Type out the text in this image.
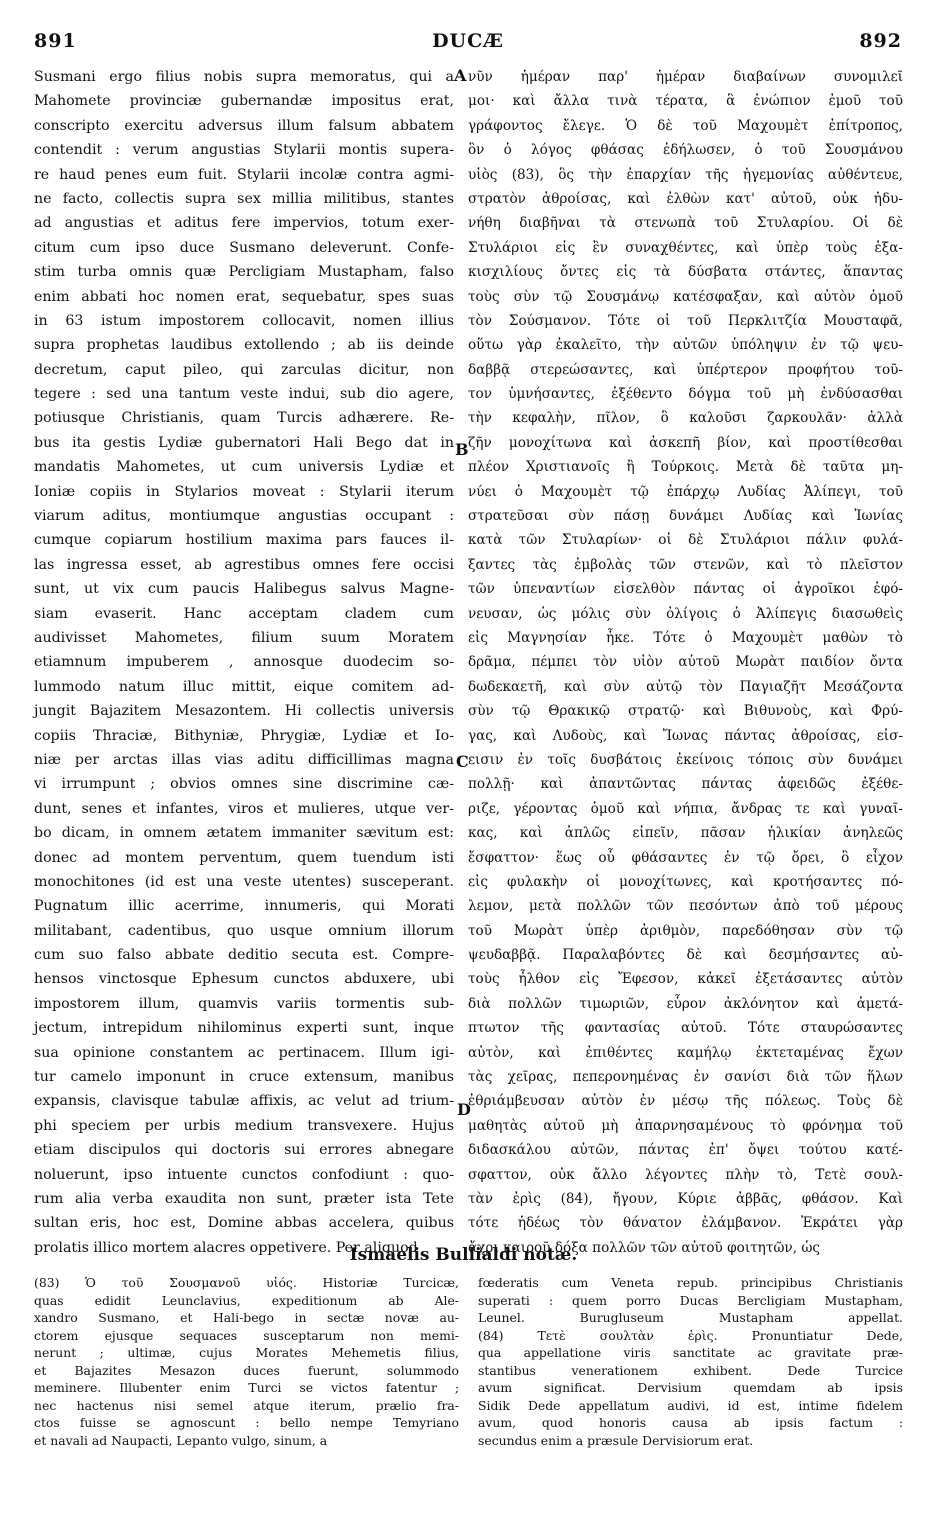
891	DUCÆ	892
Susmani ergo filius nobis supra memoratus, qui a
Mahomete provinciæ gubernandæ impositus erat,
conscripto exercitu adversus illum falsum abbatem
contendit : verum angustias Stylarii montis supera-
re haud penes eum fuit. Stylarii incolæ contra agmi-
ne facto, collectis supra sex millia militibus, stantes
ad angustias et aditus fere impervios, totum exer-
citum cum ipso duce Susmano deleverunt. Confe-
stim turba omnis quæ Percligiam Mustapham, falso
enim abbati hoc nomen erat, sequebatur, spes suas
in 63 istum impostorem collocavit, nomen illius
supra prophetas laudibus extollendo ; ab iis deinde
decretum, caput pileo, qui zarculas dicitur, non
tegere : sed una tantum veste indui, sub dio agere,
potiusque Christianis, quam Turcis adhærere. Re-
bus ita gestis Lydiæ gubernatori Hali Bego dat in
mandatis Mahometes, ut cum universis Lydiæ et
Ioniæ copiis in Stylarios moveat : Stylarii iterum
viarum aditus, montiumque angustias occupant :
cumque copiarum hostilium maxima pars fauces il-
las ingressa esset, ab agrestibus omnes fere occisi
sunt, ut vix cum paucis Halibegus salvus Magne-
siam evaserit. Hanc acceptam cladem cum
audivisset Mahometes, filium suum Moratem
etiamnum impuberem , annosque duodecim so-
lummodo natum illuc mittit, eique comitem ad-
jungit Bajazitem Mesazontem. Hi collectis universis
copiis Thraciæ, Bithyniæ, Phrygiæ, Lydiæ et Io-
niæ per arctas illas vias aditu difficillimas magna
vi irrumpunt ; obvios omnes sine discrimine cæ-
dunt, senes et infantes, viros et mulieres, utque ver-
bo dicam, in omnem ætatem immaniter sævitum est:
donec ad montem perventum, quem tuendum isti
monochitones (id est una veste utentes) susceperant.
Pugnatum illic acerrime, innumeris, qui Morati
militabant, cadentibus, quo usque omnium illorum
cum suo falso abbate deditio secuta est. Compre-
hensos vinctosque Ephesum cunctos abduxere, ubi
impostorem illum, quamvis variis tormentis sub-
jectum, intrepidum nihilominus experti sunt, inque
sua opinione constantem ac pertinacem. Illum igi-
tur camelo imponunt in cruce extensum, manibus
expansis, clavisque tabulæ affixis, ac velut ad trium-
phi speciem per urbis medium transvexere. Hujus
etiam discipulos qui doctoris sui errores abnegare
noluerunt, ipso intuente cunctos confodiunt : quo-
rum alia verba exaudita non sunt, præter ista Tete
sultan eris, hoc est, Domine abbas accelera, quibus
prolatis illico mortem alacres oppetivere. Per aliquod
νῦν ἡμέραν παρ' ἡμέραν διαβαίνων συνομιλεῖ
μοι· καὶ ἄλλα τινὰ τέρατα, ἃ ἐνώπιον ἐμοῦ τοῦ
γράφοντος ἔλεγε. Ὁ δὲ τοῦ Μαχουμὲτ ἐπίτροπος,
ὃν ὁ λόγος φθάσας ἐδήλωσεν, ὁ τοῦ Σουσμάνου
υἱὸς (83), ὃς τὴν ἐπαρχίαν τῆς ἡγεμονίας αὐθέντευε,
στρατὸν ἀθροίσας, καὶ ἐλθὼν κατ' αὐτοῦ, οὐκ ἠδυ-
νήθη διαβῆναι τὰ στενωπὰ τοῦ Στυλαρίου. Οἱ δὲ
Στυλάριοι εἰς ἓν συναχθέντες, καὶ ὑπὲρ τοὺς ἑξα-
κισχιλίους ὄντες εἰς τὰ δύσβατα στάντες, ἅπαντας
τοὺς σὺν τῷ Σουσμάνῳ κατέσφαξαν, καὶ αὐτὸν ὁμοῦ
τὸν Σούσμανον. Τότε οἱ τοῦ Περκλιτζία Μουσταφᾶ,
οὕτω γὰρ ἐκαλεῖτο, τὴν αὐτῶν ὑπόληψιν ἐν τῷ ψευ-
δαββᾷ στερεώσαντες, καὶ ὑπέρτερον προφήτου τοῦ-
τον ὑμνήσαντες, ἐξέθεντο δόγμα τοῦ μὴ ἐνδύσασθαι
τὴν κεφαλὴν, πῖλον, ὃ καλοῦσι ζαρκουλᾶν· ἀλλὰ
ζῆν μονοχίτωνα καὶ ἀσκεπῆ βίον, καὶ προστίθεσθαι
πλέον Χριστιανοῖς ἢ Τούρκοις. Μετὰ δὲ ταῦτα μη-
νύει ὁ Μαχουμὲτ τῷ ἐπάρχῳ Λυδίας Ἀλίπεγι, τοῦ
στρατεῦσαι σὺν πάσῃ δυνάμει Λυδίας καὶ Ἰωνίας
κατὰ τῶν Στυλαρίων· οἱ δὲ Στυλάριοι πάλιν φυλά-
ξαντες τὰς ἐμβολὰς τῶν στενῶν, καὶ τὸ πλεῖστον
τῶν ὑπεναντίων εἰσελθὸν πάντας οἱ ἀγροῖκοι ἐφό-
νευσαν, ὡς μόλις σὺν ὀλίγοις ὁ Ἀλίπεγις διασωθεὶς
εἰς Μαγνησίαν ἧκε. Τότε ὁ Μαχουμὲτ μαθὼν τὸ
δρᾶμα, πέμπει τὸν υἱὸν αὐτοῦ Μωρὰτ παιδίον ὄντα
δωδεκαετῆ, καὶ σὺν αὐτῷ τὸν Παγιαζῆτ Μεσάζοντα
σὺν τῷ Θρακικῷ στρατῷ· καὶ Βιθυνοὺς, καὶ Φρύ-
γας, καὶ Λυδοὺς, καὶ Ἴωνας πάντας ἀθροίσας, εἰσ-
εισιν ἐν τοῖς δυσβάτοις ἐκείνοις τόποις σὺν δυνάμει
πολλῇ· καὶ ἀπαντῶντας πάντας ἀφειδῶς ἐξέθε-
ριζε, γέροντας ὁμοῦ καὶ νήπια, ἄνδρας τε καὶ γυναῖ-
κας, καὶ ἁπλῶς εἰπεῖν, πᾶσαν ἡλικίαν ἀνηλεῶς
ἔσφαττον· ἕως οὗ φθάσαντες ἐν τῷ ὄρει, ὃ εἶχον
εἰς φυλακὴν οἱ μονοχίτωνες, καὶ κροτήσαντες πό-
λεμον, μετὰ πολλῶν τῶν πεσόντων ἀπὸ τοῦ μέρους
τοῦ Μωρὰτ ὑπὲρ ἀριθμὸν, παρεδόθησαν σὺν τῷ
ψευδαββᾷ. Παραλαβόντες δὲ καὶ δεσμήσαντες αὐ-
τοὺς ἦλθον εἰς Ἔφεσον, κἀκεῖ ἐξετάσαντες αὐτὸν
διὰ πολλῶν τιμωριῶν, εὗρον ἀκλόνητον καὶ ἀμετά-
πτωτον τῆς φαντασίας αὐτοῦ. Τότε σταυρώσαντες
αὐτὸν, καὶ ἐπιθέντες καμήλῳ ἐκτεταμένας ἔχων
τὰς χεῖρας, πεπερονημένας ἐν σανίσι διὰ τῶν ἥλων
ἐθριάμβευσαν αὐτὸν ἐν μέσῳ τῆς πόλεως. Τοὺς δὲ
μαθητὰς αὐτοῦ μὴ ἀπαρνησαμένους τὸ φρόνημα τοῦ
διδασκάλου αὐτῶν, πάντας ἐπ' ὄψει τούτου κατέ-
σφαττον, οὐκ ἄλλο λέγοντες πλὴν τὸ, Τετὲ σουλ-
τὰν ἐρὶς (84), ἤγουν, Κύριε ἀββᾶς, φθάσον. Καὶ
τότε ἡδέως τὸν θάνατον ἐλάμβανον. Ἐκράτει γὰρ
ἄχρι καιροῦ δόξα πολλῶν τῶν αὐτοῦ φοιτητῶν, ὡς
A
B
C
D
Ismaelis Bullialdi notæ.
(83) Ὁ τοῦ Σουσμανοῦ υἱός. Historiæ Turcicæ,
quas edidit Leunclavius, expeditionum ab Ale-
xandro Susmano, et Hali-bego in sectæ novæ au-
ctorem ejusque sequaces susceptarum non memi-
nerunt ; ultimæ, cujus Morates Mehemetis filius,
et Bajazites Mesazon duces fuerunt, solummodo
meminere. Illubenter enim Turci se victos fatentur ;
nec hactenus nisi semel atque iterum, prælio fra-
ctos fuisse se agnoscunt : bello nempe Temyriano
et navali ad Naupacti, Lepanto vulgo, sinum, a
fœderatis cum Veneta repub. principibus Christianis
superati : quem porro Ducas Bercligiam Mustapham,
Leunel. Burugluseum Mustapham appellat.
(84) Τετὲ σουλτὰν ἐρὶς. Pronuntiatur Dede,
qua appellatione viris sanctitate ac gravitate præ-
stantibus venerationem exhibent. Dede Turcice
avum significat. Dervisium quemdam ab ipsis
Sidik Dede appellatum audivi, id est, intime fidelem
avum, quod honoris causa ab ipsis factum :
secundus enim a præsule Dervisiorum erat.
